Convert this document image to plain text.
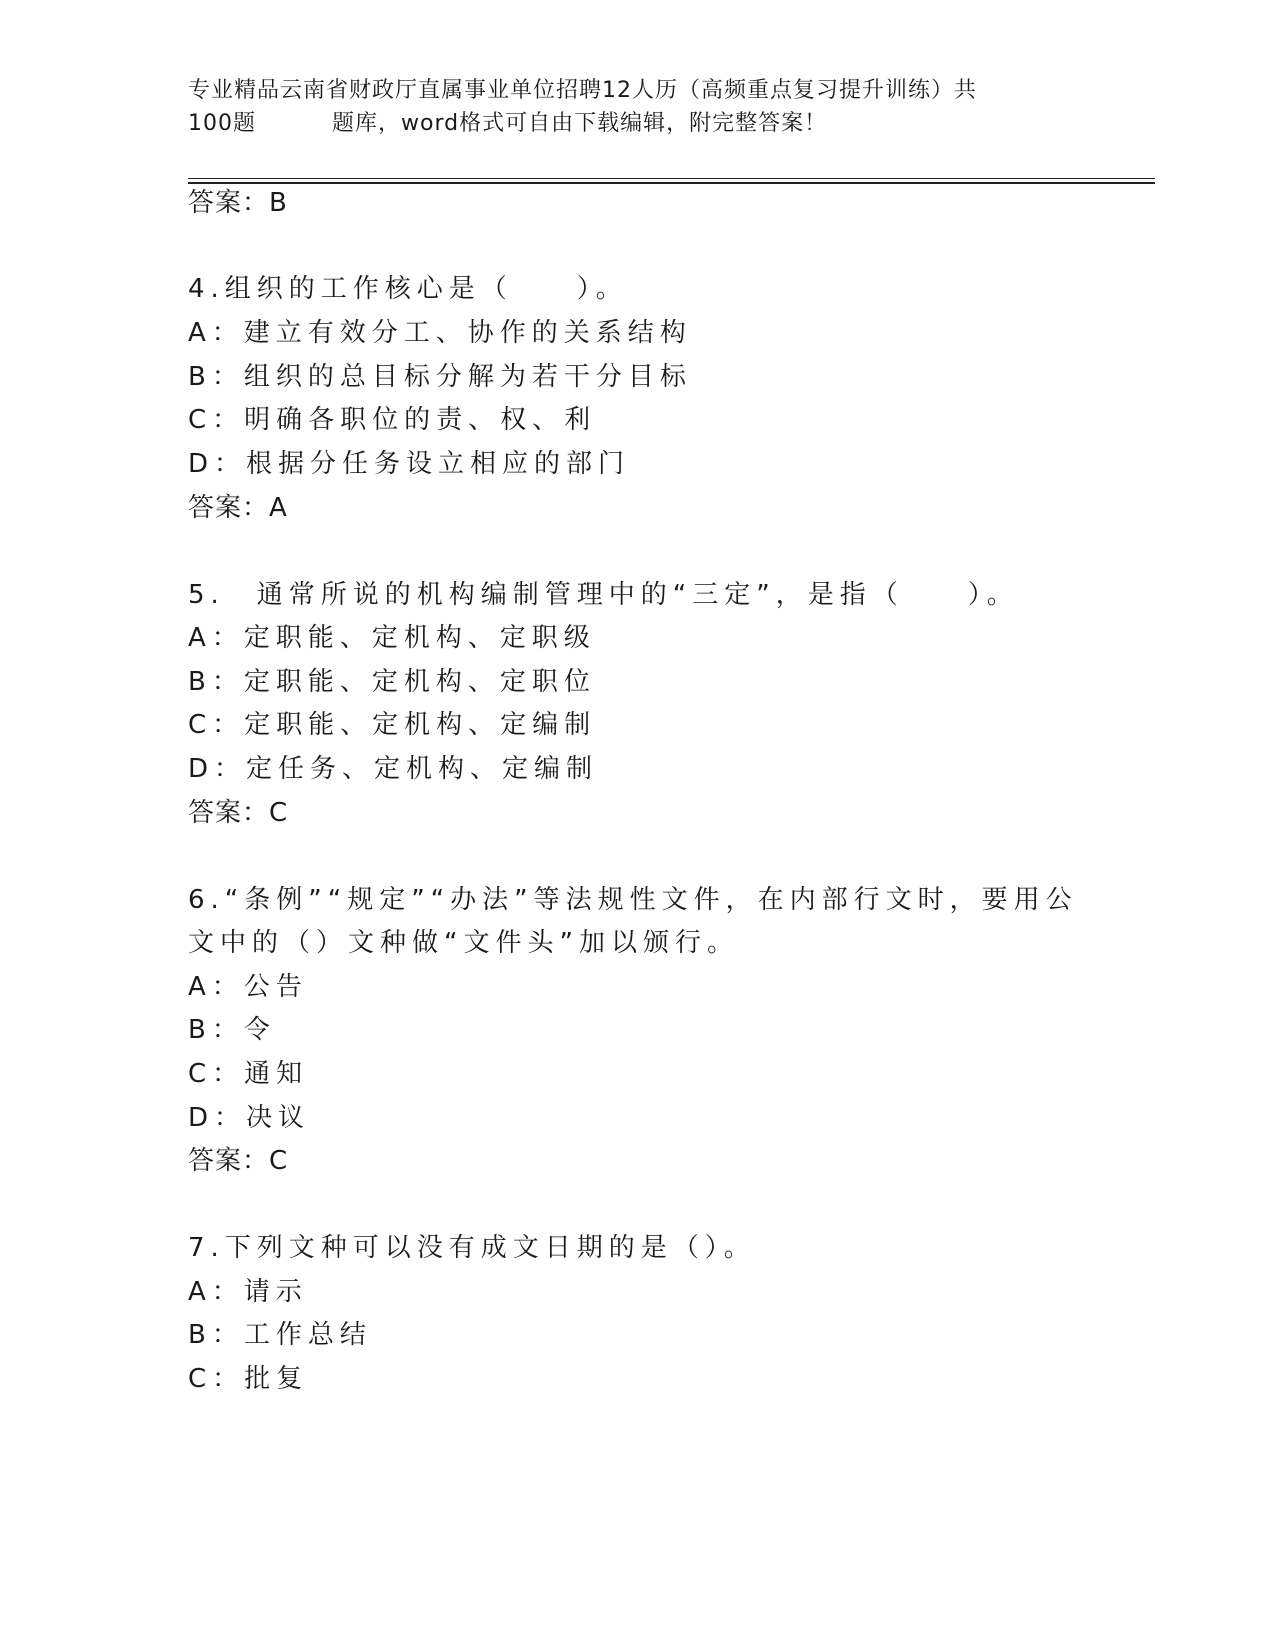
专业精品云南省财政厅直属事业单位招聘12人历（高频重点复习提升训练）共
100题	题库，word格式可自由下载编辑，附完整答案！
答案：B
4.组织的工作核心是（　　）。
A：建立有效分工、协作的关系结构
B：组织的总目标分解为若干分目标
C：明确各职位的责、权、利
D：根据分任务设立相应的部门
答案：A
5.　通常所说的机构编制管理中的“三定”，是指（　　）。
A：定职能、定机构、定职级
B：定职能、定机构、定职位
C：定职能、定机构、定编制
D：定任务、定机构、定编制
答案：C
6.“条例”“规定”“办法”等法规性文件，在内部行文时，要用公
文中的（）文种做“文件头”加以颁行。
A：公告
B：令
C：通知
D：决议
答案：C
7.下列文种可以没有成文日期的是（）。
A：请示
B：工作总结
C：批复
